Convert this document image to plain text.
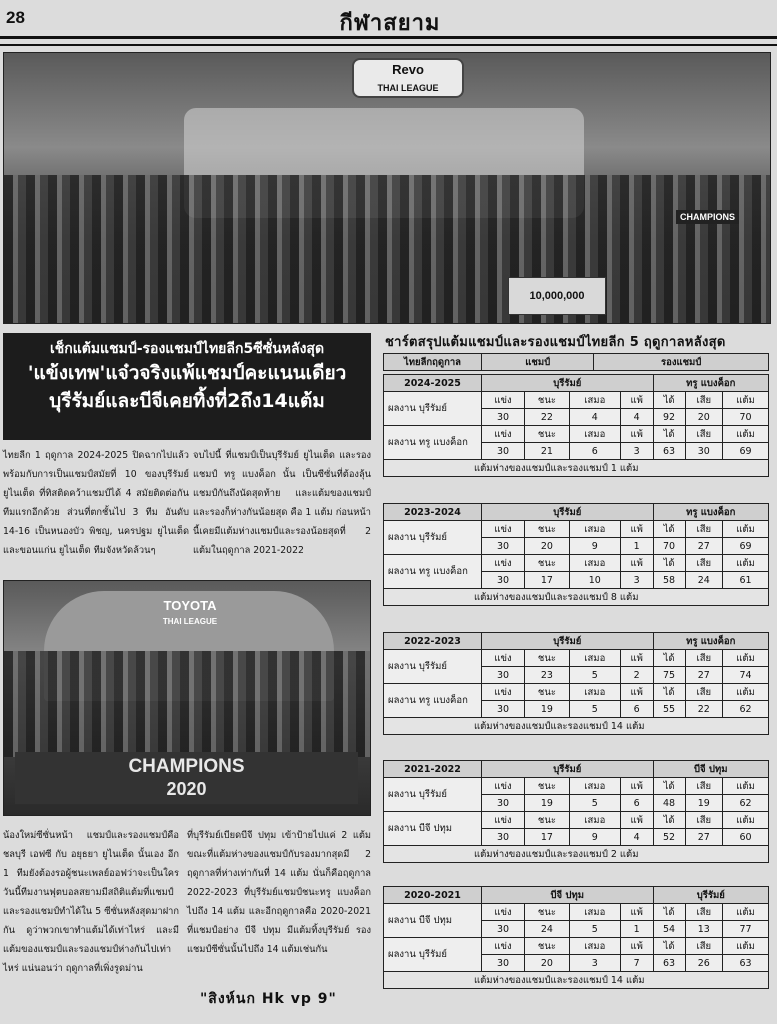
28	กีฬาสยาม
Revo
THAI LEAGUE
10,000,000
CHAMPIONS
เช็กแต้มแชมป์-รองแชมป์ไทยลีก5ซีซั่นหลังสุด
'แข้งเทพ'แจ๋วจริงแพ้แชมป์คะแนนเดียว
บุรีรัมย์และบีจีเคยทิ้งที่2ถึง14แต้ม
ไทยลีก 1 ฤดูกาล 2024-2025 ปิดฉากไปแล้วพร้อมกับการเป็นแชมป์สมัยที่ 10 ของบุรีรัมย์ ยูไนเต็ด ที่ทิสติดคว้าแชมป์ได้ 4 สมัยติดต่อกันทีมแรกอีกด้วย ส่วนที่ตกชั้นไป 3 ทีม อันดับ 14-16 เป็นหนองบัว พิชญ, นครปฐม ยูไนเต็ด และขอนแก่น ยูไนเต็ด ทีมจังหวัดล้วนๆ
จบไปนี้ ที่แชมป์เป็นบุรีรัมย์ ยูไนเต็ด และรองแชมป์ ทรู แบงค็อก นั้น เป็นซีซั่นที่ต้องลุ้นแชมป์กันถึงนัดสุดท้าย และแต้มของแชมป์และรองก็ห่างกันน้อยสุด คือ 1 แต้ม ก่อนหน้านี้เคยมีแต้มห่างแชมป์และรองน้อยสุดที่ 2 แต้มในฤดูกาล 2021-2022
TOYOTA
THAI LEAGUE
CHAMPIONS
2020
น้องใหม่ซีซั่นหน้า แชมป์และรองแชมป์คือ ชลบุรี เอฟซี กับ อยุธยา ยูไนเต็ด นั้นเอง อีก 1 ทีมยังต้องรอผู้ชนะเพลย์ออฟว่าจะเป็นใคร วันนี้ทีมงานฟุตบอลสยามมีสถิติแต้มที่แชมป์และรองแชมป์ทำได้ใน 5 ซีซั่นหลังสุดมาฝากกัน ดูว่าพวกเขาทำแต้มได้เท่าไหร่ และมีแต้มของแชมป์และรองแชมป์ห่างกันไปเท่าไหร่ แน่นอนว่า ฤดูกาลที่เพิ่งรูดม่าน
ที่บุรีรัมย์เบียดบีจี ปทุม เข้าป้ายไปแค่ 2 แต้ม ขณะที่แต้มห่างของแชมป์กับรองมากสุดมี 2 ฤดูกาลที่ห่างเท่ากันที่ 14 แต้ม นั่นก็คือฤดูกาล 2022-2023 ที่บุรีรัมย์แชมป์ชนะทรู แบงค็อก ไปถึง 14 แต้ม และอีกฤดูกาลคือ 2020-2021 ที่แชมป์อย่าง บีจี ปทุม มีแต้มทิ้งบุรีรัมย์ รองแชมป์ซีซั่นนั้นไปถึง 14 แต้มเช่นกัน
"สิงห์นก Hk vp 9"
ชาร์ตสรุปแต้มแชมป์และรองแชมป์ไทยลีก 5 ฤดูกาลหลังสุด
ไทยลีกฤดูกาล	แชมป์	รองแชมป์
2024-2025	บุรีรัมย์				ทรู แบงค็อก		
ผลงาน บุรีรัมย์	แข่ง	ชนะ	เสมอ	แพ้	ได้	เสีย	แต้ม
	30	22	4	4	92	20	70
ผลงาน ทรู แบงค็อก	แข่ง	ชนะ	เสมอ	แพ้	ได้	เสีย	แต้ม
	30	21	6	3	63	30	69
แต้มห่างของแชมป์และรองแชมป์ 1 แต้ม							
2023-2024	บุรีรัมย์				ทรู แบงค็อก		
ผลงาน บุรีรัมย์	แข่ง	ชนะ	เสมอ	แพ้	ได้	เสีย	แต้ม
	30	20	9	1	70	27	69
ผลงาน ทรู แบงค็อก	แข่ง	ชนะ	เสมอ	แพ้	ได้	เสีย	แต้ม
	30	17	10	3	58	24	61
แต้มห่างของแชมป์และรองแชมป์ 8 แต้ม							
2022-2023	บุรีรัมย์				ทรู แบงค็อก		
ผลงาน บุรีรัมย์	แข่ง	ชนะ	เสมอ	แพ้	ได้	เสีย	แต้ม
	30	23	5	2	75	27	74
ผลงาน ทรู แบงค็อก	แข่ง	ชนะ	เสมอ	แพ้	ได้	เสีย	แต้ม
	30	19	5	6	55	22	62
แต้มห่างของแชมป์และรองแชมป์ 14 แต้ม							
2021-2022	บุรีรัมย์				บีจี ปทุม		
ผลงาน บุรีรัมย์	แข่ง	ชนะ	เสมอ	แพ้	ได้	เสีย	แต้ม
	30	19	5	6	48	19	62
ผลงาน บีจี ปทุม	แข่ง	ชนะ	เสมอ	แพ้	ได้	เสีย	แต้ม
	30	17	9	4	52	27	60
แต้มห่างของแชมป์และรองแชมป์ 2 แต้ม							
2020-2021	บีจี ปทุม				บุรีรัมย์		
ผลงาน บีจี ปทุม	แข่ง	ชนะ	เสมอ	แพ้	ได้	เสีย	แต้ม
	30	24	5	1	54	13	77
ผลงาน บุรีรัมย์	แข่ง	ชนะ	เสมอ	แพ้	ได้	เสีย	แต้ม
	30	20	3	7	63	26	63
แต้มห่างของแชมป์และรองแชมป์ 14 แต้ม							
